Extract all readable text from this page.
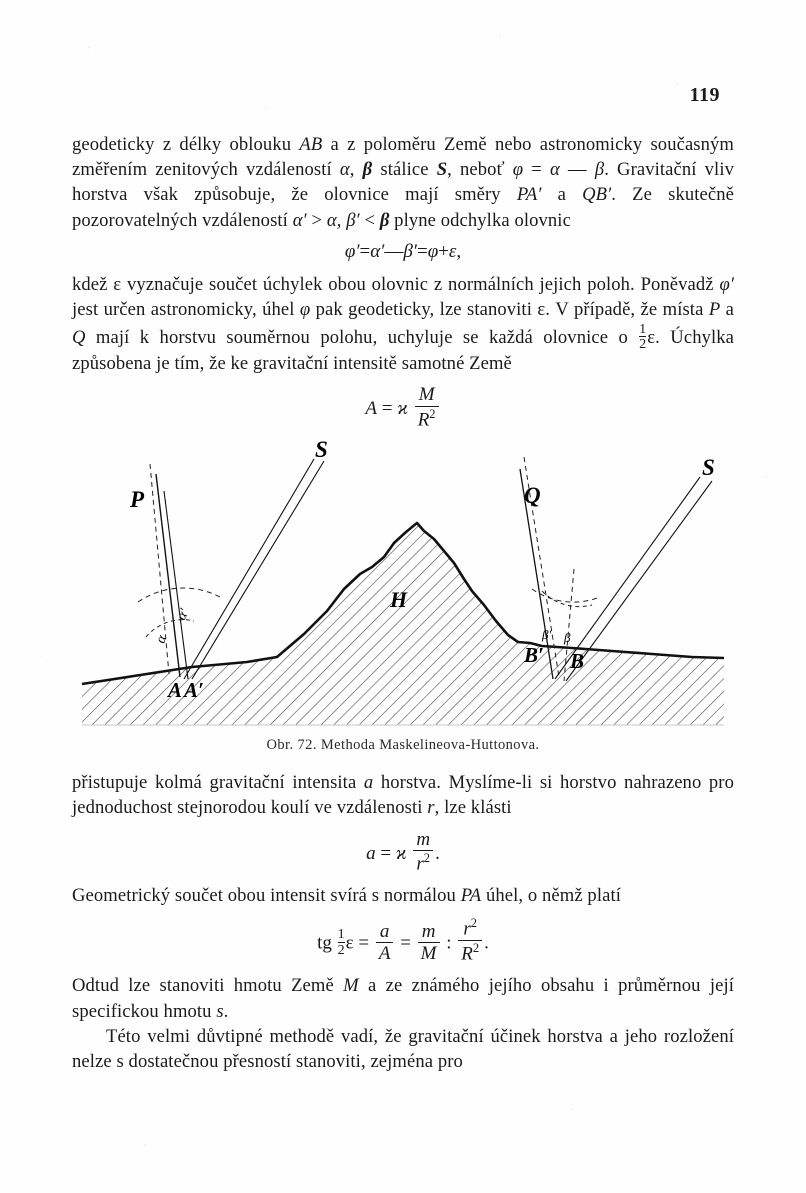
119

geodeticky z délky oblouku AB a z poloměru Země nebo astronomicky současným změřením zenitových vzdáleností α, β stálice S, neboť φ = α — β. Gravitační vliv horstva však způsobuje, že olovnice mají směry PA′ a QB′. Ze skutečně pozorovatelných vzdáleností α′ > α, β′ < β plyne odchylka olovnic

φ′=α′—β′=φ+ε,

kdež ε vyznačuje součet úchylek obou olovnic z normálních jejich poloh. Poněvadž φ′ jest určen astronomicky, úhel φ pak geodeticky, lze stanoviti ε. V případě, že místa P a Q mají k horstvu souměrnou polohu, uchyluje se každá olovnice o $\frac{1}{2} \varepsilon$. Úchylka způsobena je tím, že ke gravitační intensitě samotné Země

A = ϰ $\frac{M}{R^2}$
S
S
P	Q
H
A A′
B′ B
α
α′
β′ β
Obr. 72. Methoda Maskelineova-Huttonova.

přistupuje kolmá gravitační intensita a horstva. Myslíme-li si horstvo nahrazeno pro jednoduchost stejnorodou koulí ve vzdálenosti r, lze klásti

a = ϰ $\frac{m}{r^2}$ .

Geometrický součet obou intensit svírá s normálou PA úhel, o němž platí

tg $\frac{1}{2}$ $\varepsilon = \frac{a}{A} = \frac{m}{M}$ : $\frac{r^2}{R^2}$ .

Odtud lze stanoviti hmotu Země M a ze známého jejího obsahu i průměrnou její specifickou hmotu s.

Této velmi důvtipné methodě vadí, že gravitační účinek horstva a jeho rozložení nelze s dostatečnou přesností stanoviti, zejména pro
